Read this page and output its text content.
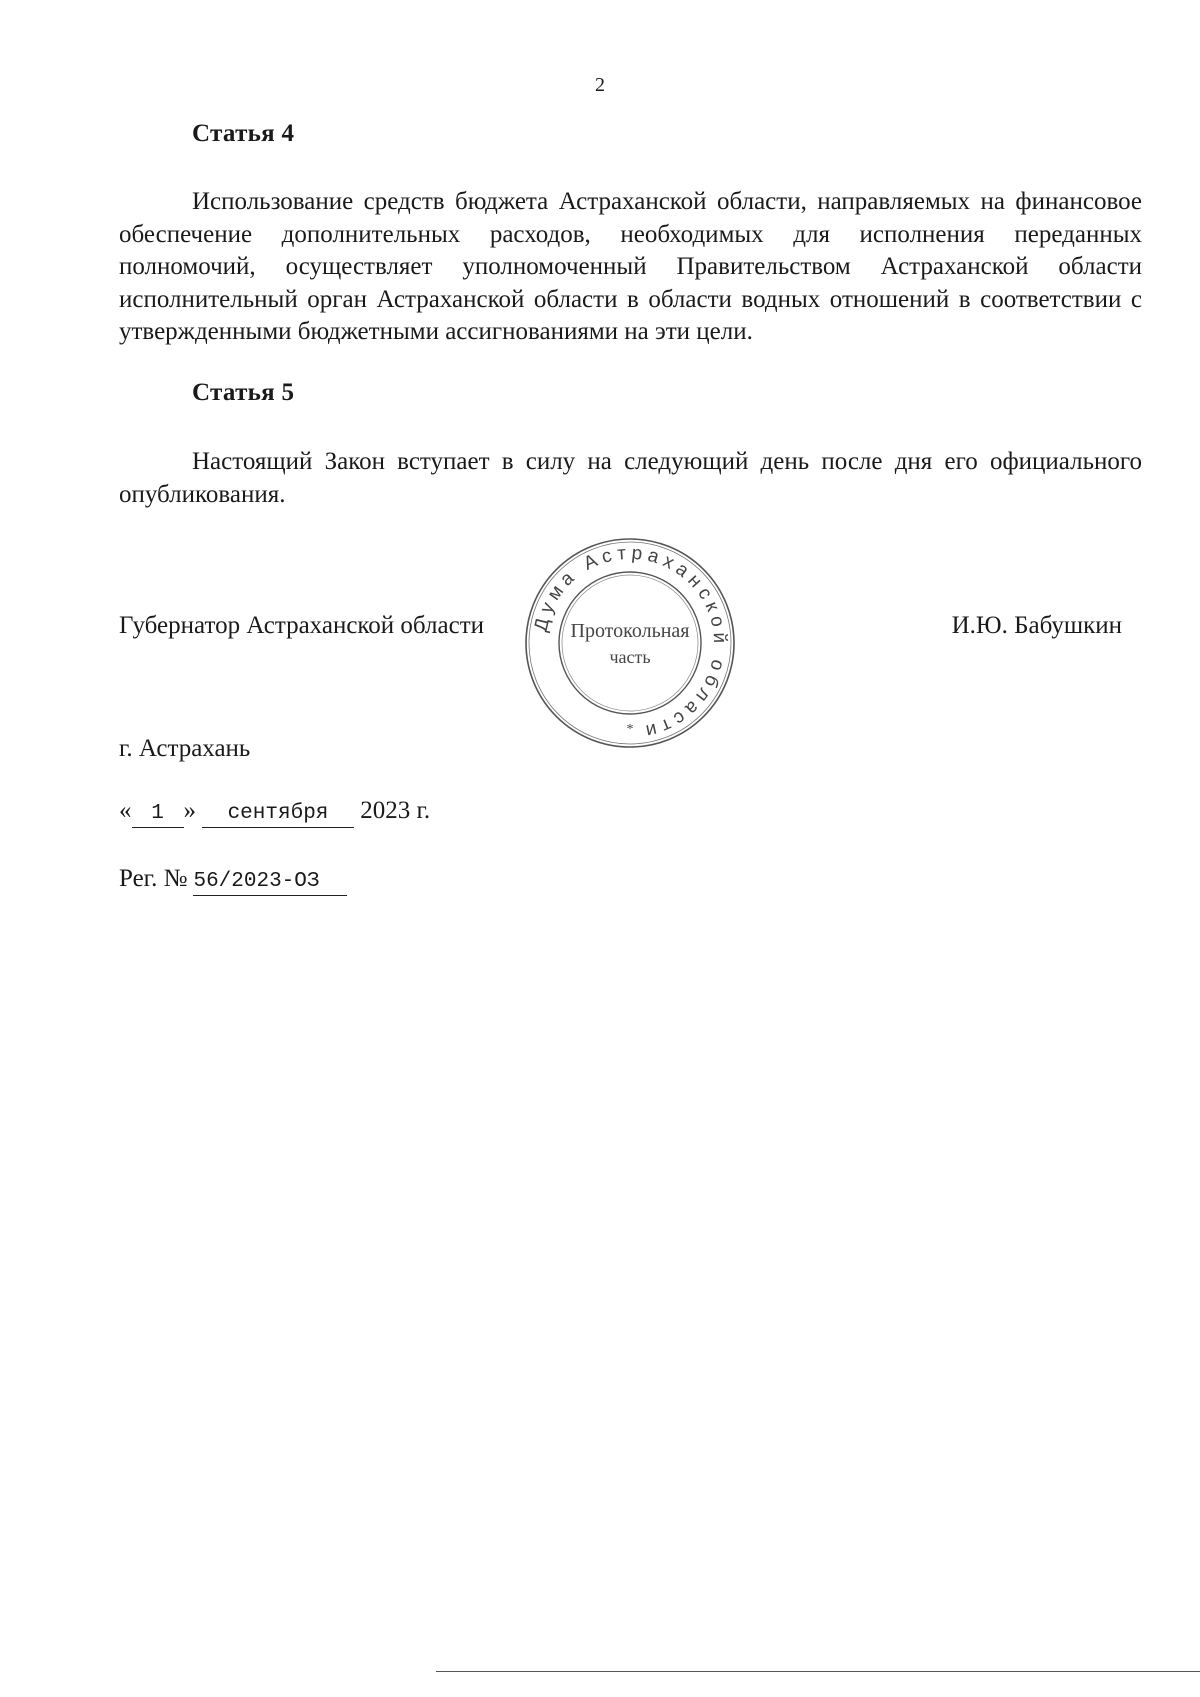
2
Статья 4

Использование средств бюджета Астраханской области, направляемых на финансовое обеспечение дополнительных расходов, необходимых для исполнения переданных полномочий, осуществляет уполномоченный Правительством Астраханской области исполнительный орган Астраханской области в области водных отношений в соответствии с утвержденными бюджетными ассигнованиями на эти цели.

Статья 5

Настоящий Закон вступает в силу на следующий день после дня его официального опубликования.

Губернатор Астраханской области Дума Астраханской области
Протокольная
часть
*
И.Ю. Бабушкин
г. Астрахань
« 1 » сентября 2023 г.
Рег. № 56/2023-ОЗ
